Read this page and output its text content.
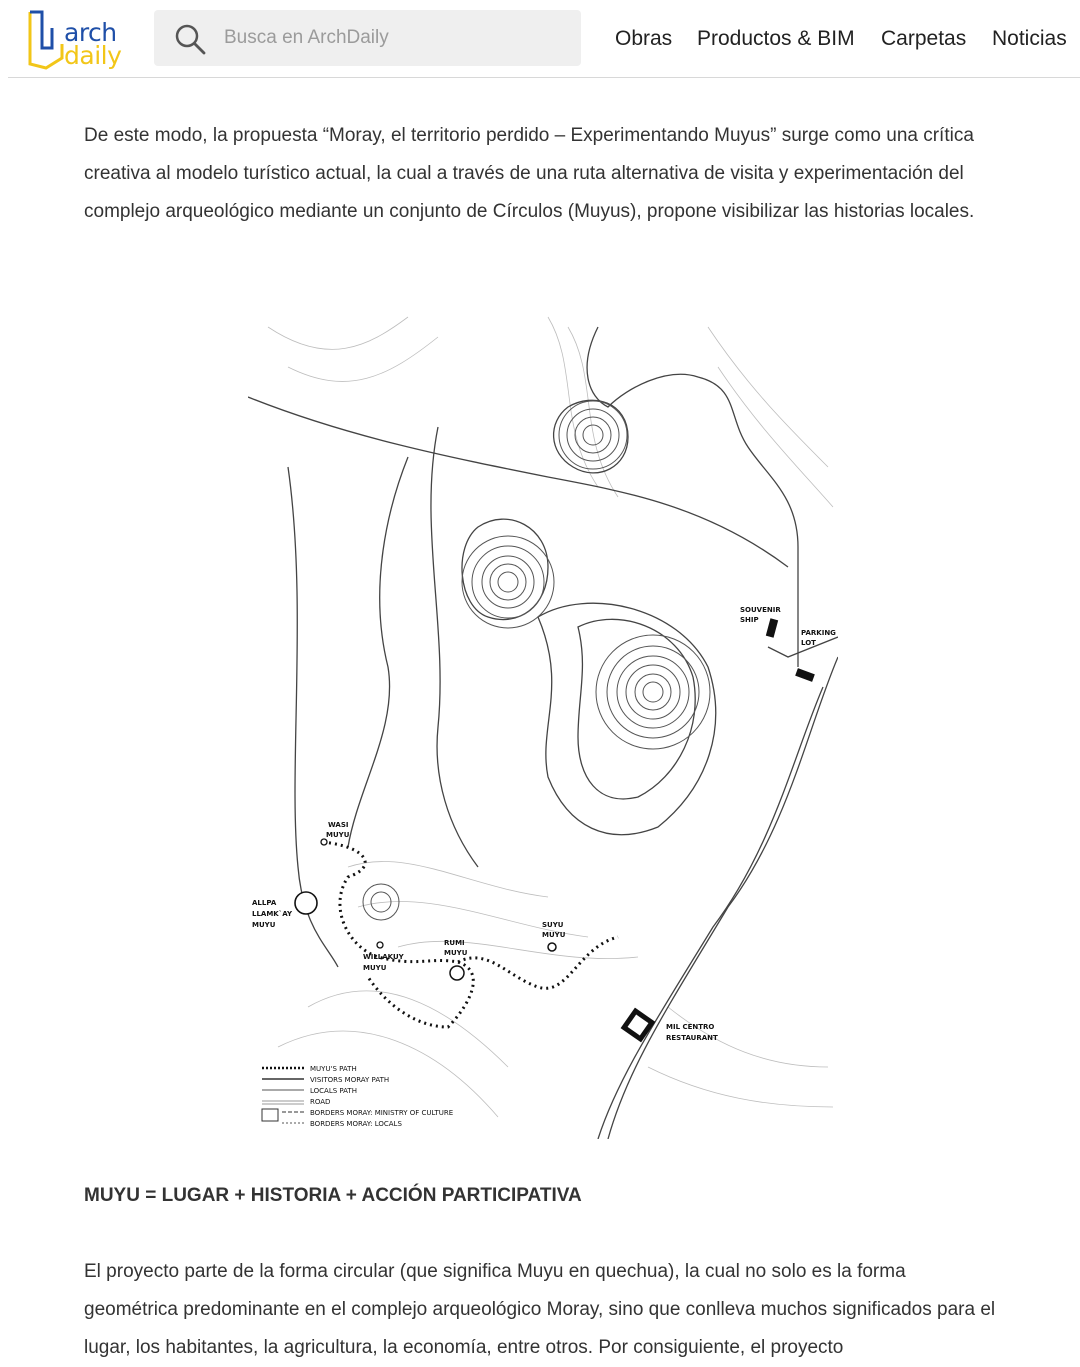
arch
daily
Busca en ArchDaily
Obras Productos & BIM Carpetas Noticias

De este modo, la propuesta “Moray, el territorio perdido – Experimentando Muyus” surge como una crítica creativa al modelo turístico actual, la cual a través de una ruta alternativa de visita y experimentación del complejo arqueológico mediante un conjunto de Círculos (Muyus), propone visibilizar las historias locales.

MUYU = LUGAR + HISTORIA + ACCIÓN PARTICIPATIVA

El proyecto parte de la forma circular (que significa Muyu en quechua), la cual no solo es la forma geométrica predominante en el complejo arqueológico Moray, sino que conlleva muchos significados para el lugar, los habitantes, la agricultura, la economía, entre otros. Por consiguiente, el proyecto

SOUVENIR
SHIP
PARKING
LOT
WASI
MUYU
ALLPA
LLAMK`AY
MUYU	SUYU
MUYU
RUMI
MUYU
WILLAKUY
MUYU
MIL CENTRO
RESTAURANT
MUYU'S PATH
VISITORS MORAY PATH
LOCALS PATH
ROAD
BORDERS MORAY: MINISTRY OF CULTURE
BORDERS MORAY: LOCALS
